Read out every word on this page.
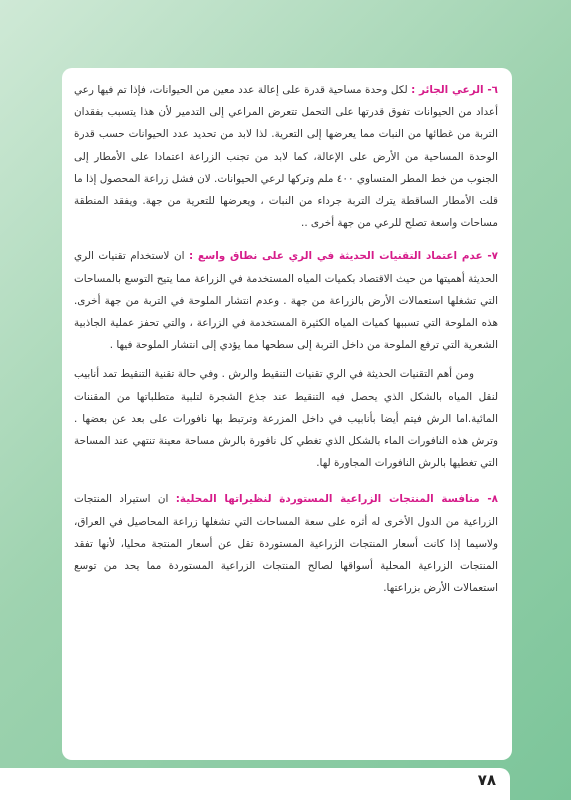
٦- الرعي الجائر : لكل وحدة مساحية قدرة على إعالة عدد معين من الحيوانات، فإذا تم فيها رعي أعداد من الحيوانات تفوق قدرتها على التحمل تتعرض المراعي إلى التدمير لأن هذا يتسبب بفقدان التربة من غطائها من النبات مما يعرضها إلى التعرية. لذا لابد من تحديد عدد الحيوانات حسب قدرة الوحدة المساحية من الأرض على الإعالة، كما لابد من تجنب الزراعة اعتمادا على الأمطار إلى الجنوب من خط المطر المتساوي ٤٠٠ ملم وتركها لرعي الحيوانات. لان فشل زراعة المحصول إذا ما قلت الأمطار الساقطة يترك التربة جرداء من النبات ، ويعرضها للتعرية من جهة. ويفقد المنطقة مساحات واسعة تصلح للرعي من جهة أخرى ..

٧- عدم اعتماد التقنيات الحديثة في الري على نطاق واسع : ان لاستخدام تقنيات الري الحديثة أهميتها من حيث الاقتصاد بكميات المياه المستخدمة في الزراعة مما يتيح التوسع بالمساحات التي تشغلها استعمالات الأرض بالزراعة من جهة . وعدم انتشار الملوحة في التربة من جهة أخرى. هذه الملوحة التي تسببها كميات المياه الكثيرة المستخدمة في الزراعة ، والتي تحفز عملية الجاذبية الشعرية التي ترفع الملوحة من داخل التربة إلى سطحها مما يؤدي إلى انتشار الملوحة فيها .

ومن أهم التقنيات الحديثة في الري تقنيات التنقيط والرش . وفي حالة تقنية التنقيط تمد أنابيب لنقل المياه بالشكل الذي يحصل فيه التنقيط عند جذع الشجرة لتلبية متطلباتها من المقننات المائية.اما الرش فيتم أيضا بأنابيب في داخل المزرعة وترتبط بها نافورات على بعد عن بعضها . وترش هذه النافورات الماء بالشكل الذي تغطي كل نافورة بالرش مساحة معينة تنتهي عند المساحة التي تغطيها بالرش النافورات المجاورة لها.

٨- منافسة المنتجات الزراعية المستوردة لنظيراتها المحلية: ان استيراد المنتجات الزراعية من الدول الأخرى له أثره على سعة المساحات التي تشغلها زراعة المحاصيل في العراق، ولاسيما إذا كانت أسعار المنتجات الزراعية المستوردة تقل عن أسعار المنتجة محليا، لأنها تفقد المنتجات الزراعية المحلية أسواقها لصالح المنتجات الزراعية المستوردة مما يحد من توسع استعمالات الأرض بزراعتها.

٧٨
